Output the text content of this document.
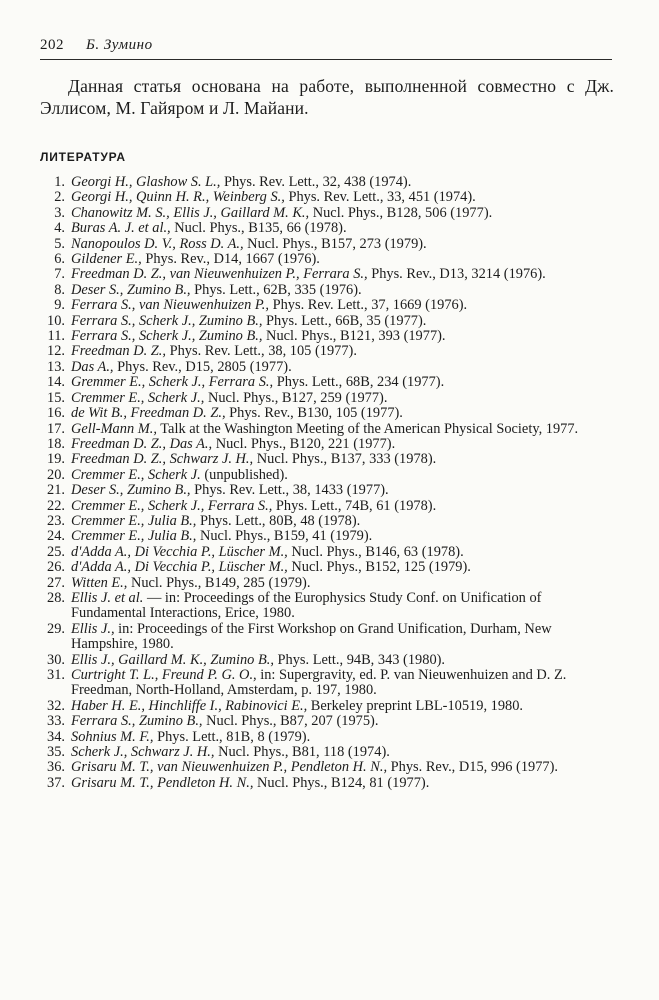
202 Б. Зумино

Данная статья основана на работе, выполненной совместно с Дж. Эллисом, М. Гайяром и Л. Майани.

ЛИТЕРАТУРА
1. Georgi H., Glashow S. L., Phys. Rev. Lett., 32, 438 (1974).
2. Georgi H., Quinn H. R., Weinberg S., Phys. Rev. Lett., 33, 451 (1974).
3. Chanowitz M. S., Ellis J., Gaillard M. K., Nucl. Phys., B128, 506 (1977).
4. Buras A. J. et al., Nucl. Phys., B135, 66 (1978).
5. Nanopoulos D. V., Ross D. A., Nucl. Phys., B157, 273 (1979).
6. Gildener E., Phys. Rev., D14, 1667 (1976).
7. Freedman D. Z., van Nieuwenhuizen P., Ferrara S., Phys. Rev., D13, 3214 (1976).
8. Deser S., Zumino B., Phys. Lett., 62B, 335 (1976).
9. Ferrara S., van Nieuwenhuizen P., Phys. Rev. Lett., 37, 1669 (1976).
10. Ferrara S., Scherk J., Zumino B., Phys. Lett., 66B, 35 (1977).
11. Ferrara S., Scherk J., Zumino B., Nucl. Phys., B121, 393 (1977).
12. Freedman D. Z., Phys. Rev. Lett., 38, 105 (1977).
13. Das A., Phys. Rev., D15, 2805 (1977).
14. Gremmer E., Scherk J., Ferrara S., Phys. Lett., 68B, 234 (1977).
15. Cremmer E., Scherk J., Nucl. Phys., B127, 259 (1977).
16. de Wit B., Freedman D. Z., Phys. Rev., B130, 105 (1977).
17. Gell-Mann M., Talk at the Washington Meeting of the American Physical Society, 1977.
18. Freedman D. Z., Das A., Nucl. Phys., B120, 221 (1977).
19. Freedman D. Z., Schwarz J. H., Nucl. Phys., B137, 333 (1978).
20. Cremmer E., Scherk J. (unpublished).
21. Deser S., Zumino B., Phys. Rev. Lett., 38, 1433 (1977).
22. Cremmer E., Scherk J., Ferrara S., Phys. Lett., 74B, 61 (1978).
23. Cremmer E., Julia B., Phys. Lett., 80B, 48 (1978).
24. Cremmer E., Julia B., Nucl. Phys., B159, 41 (1979).
25. d'Adda A., Di Vecchia P., Lüscher M., Nucl. Phys., B146, 63 (1978).
26. d'Adda A., Di Vecchia P., Lüscher M., Nucl. Phys., B152, 125 (1979).
27. Witten E., Nucl. Phys., B149, 285 (1979).
28. Ellis J. et al. — in: Proceedings of the Europhysics Study Conf. on Unification of Fundamental Interactions, Erice, 1980.
29. Ellis J., in: Proceedings of the First Workshop on Grand Unification, Durham, New Hampshire, 1980.
30. Ellis J., Gaillard M. K., Zumino B., Phys. Lett., 94B, 343 (1980).
31. Curtright T. L., Freund P. G. O., in: Supergravity, ed. P. van Nieuwenhuizen and D. Z. Freedman, North-Holland, Amsterdam, p. 197, 1980.
32. Haber H. E., Hinchliffe I., Rabinovici E., Berkeley preprint LBL-10519, 1980.
33. Ferrara S., Zumino B., Nucl. Phys., B87, 207 (1975).
34. Sohnius M. F., Phys. Lett., 81B, 8 (1979).
35. Scherk J., Schwarz J. H., Nucl. Phys., B81, 118 (1974).
36. Grisaru M. T., van Nieuwenhuizen P., Pendleton H. N., Phys. Rev., D15, 996 (1977).
37. Grisaru M. T., Pendleton H. N., Nucl. Phys., B124, 81 (1977).
